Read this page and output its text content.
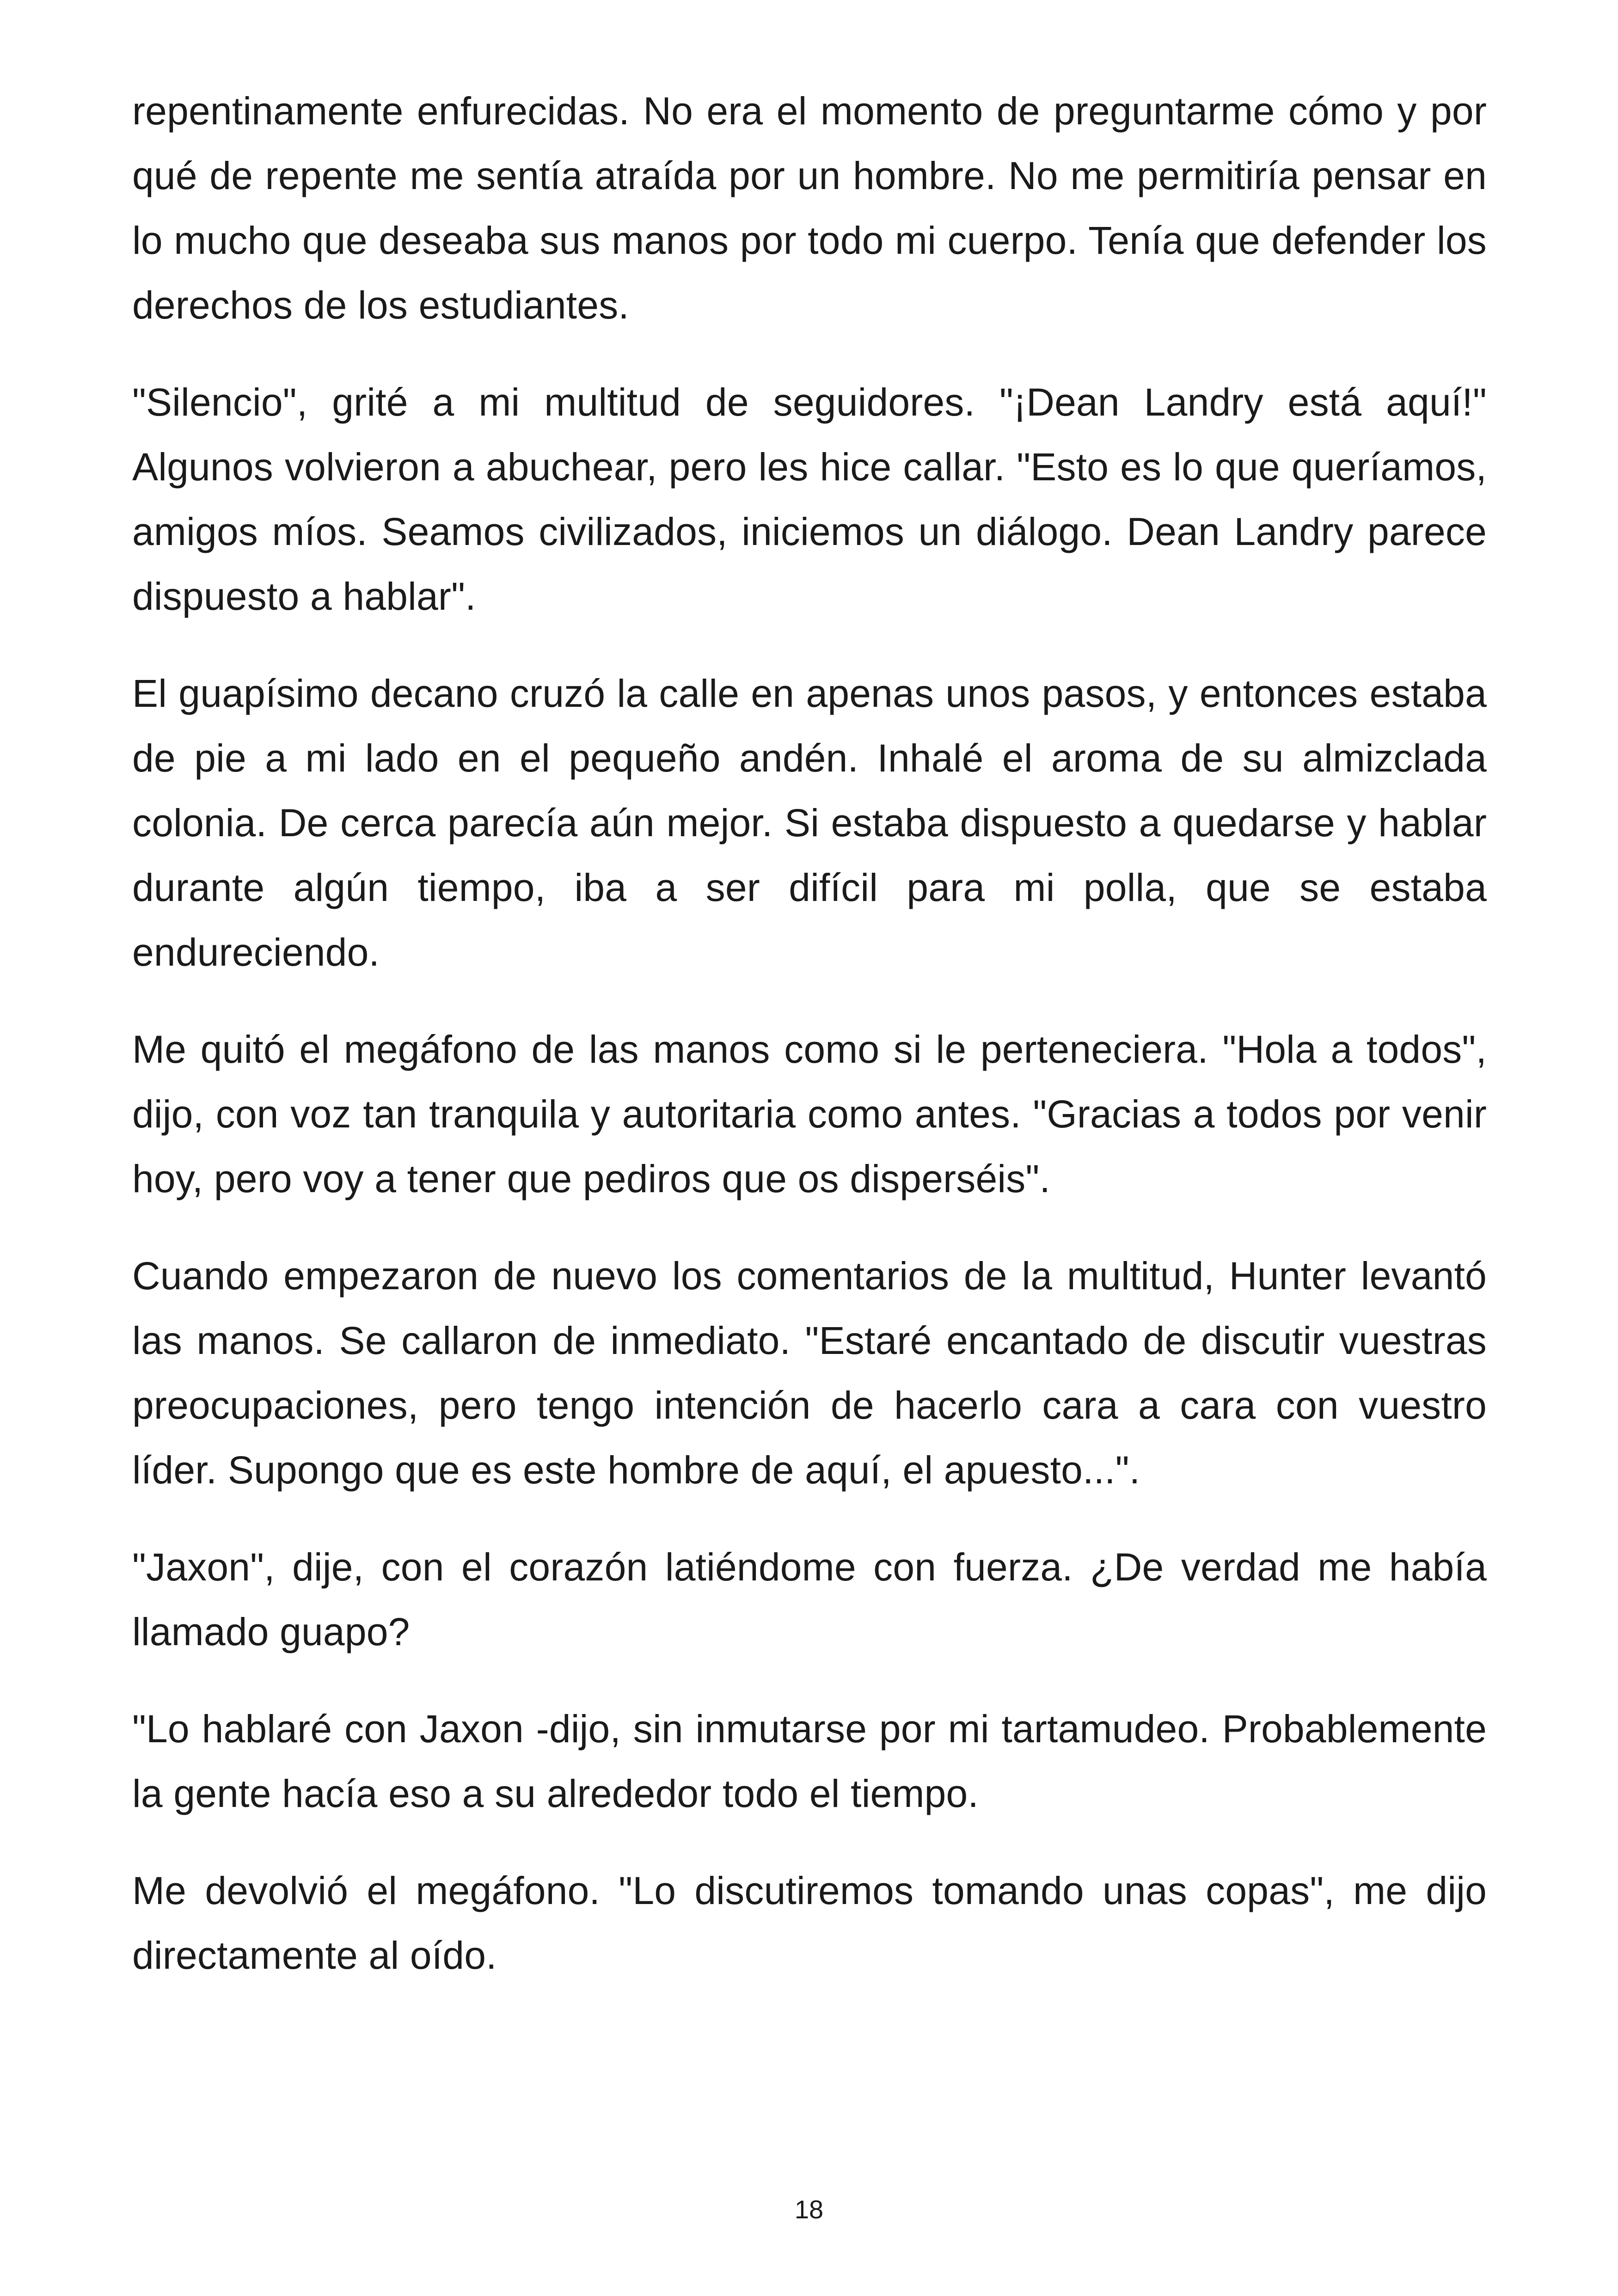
repentinamente enfurecidas. No era el momento de preguntarme cómo y por qué de repente me sentía atraída por un hombre. No me permitiría pensar en lo mucho que deseaba sus manos por todo mi cuerpo. Tenía que defender los derechos de los estudiantes.

"Silencio", grité a mi multitud de seguidores. "¡Dean Landry está aquí!" Algunos volvieron a abuchear, pero les hice callar. "Esto es lo que queríamos, amigos míos. Seamos civilizados, iniciemos un diálogo. Dean Landry parece dispuesto a hablar".

El guapísimo decano cruzó la calle en apenas unos pasos, y entonces estaba de pie a mi lado en el pequeño andén. Inhalé el aroma de su almizclada colonia. De cerca parecía aún mejor. Si estaba dispuesto a quedarse y hablar durante algún tiempo, iba a ser difícil para mi polla, que se estaba endureciendo.

Me quitó el megáfono de las manos como si le perteneciera. "Hola a todos", dijo, con voz tan tranquila y autoritaria como antes. "Gracias a todos por venir hoy, pero voy a tener que pediros que os disperséis".

Cuando empezaron de nuevo los comentarios de la multitud, Hunter levantó las manos. Se callaron de inmediato. "Estaré encantado de discutir vuestras preocupaciones, pero tengo intención de hacerlo cara a cara con vuestro líder. Supongo que es este hombre de aquí, el apuesto...".

"Jaxon", dije, con el corazón latiéndome con fuerza. ¿De verdad me había llamado guapo?

"Lo hablaré con Jaxon -dijo, sin inmutarse por mi tartamudeo. Probablemente la gente hacía eso a su alrededor todo el tiempo.

Me devolvió el megáfono. "Lo discutiremos tomando unas copas", me dijo directamente al oído.

18
